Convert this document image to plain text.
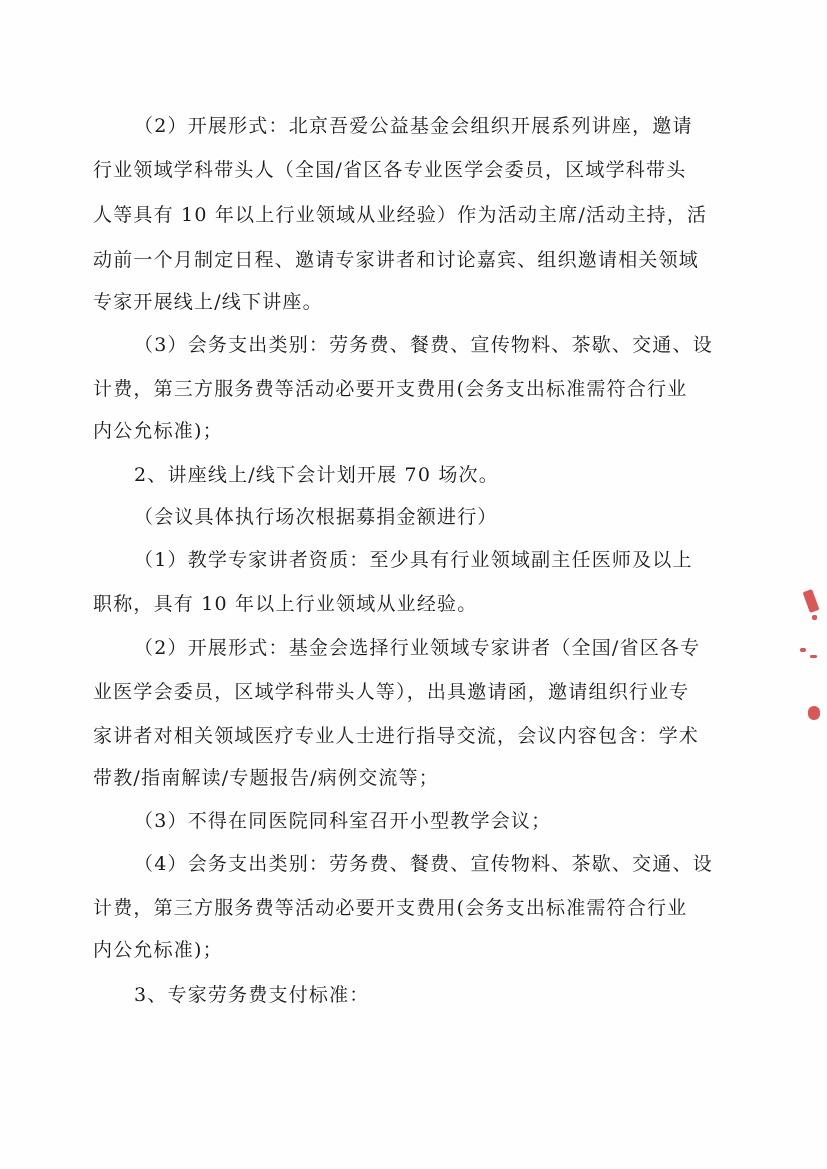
（2）开展形式：北京吾爱公益基金会组织开展系列讲座，邀请
行业领域学科带头人（全国/省区各专业医学会委员，区域学科带头
人等具有 10 年以上行业领域从业经验）作为活动主席/活动主持，活
动前一个月制定日程、邀请专家讲者和讨论嘉宾、组织邀请相关领域
专家开展线上/线下讲座。
（3）会务支出类别：劳务费、餐费、宣传物料、茶歇、交通、设
计费，第三方服务费等活动必要开支费用(会务支出标准需符合行业
内公允标准)；
2、讲座线上/线下会计划开展 70 场次。
（会议具体执行场次根据募捐金额进行）
（1）教学专家讲者资质：至少具有行业领域副主任医师及以上
职称，具有 10 年以上行业领域从业经验。
（2）开展形式：基金会选择行业领域专家讲者（全国/省区各专
业医学会委员，区域学科带头人等），出具邀请函，邀请组织行业专
家讲者对相关领域医疗专业人士进行指导交流，会议内容包含：学术
带教/指南解读/专题报告/病例交流等；
（3）不得在同医院同科室召开小型教学会议；
（4）会务支出类别：劳务费、餐费、宣传物料、茶歇、交通、设
计费，第三方服务费等活动必要开支费用(会务支出标准需符合行业
内公允标准)；
3、专家劳务费支付标准：
